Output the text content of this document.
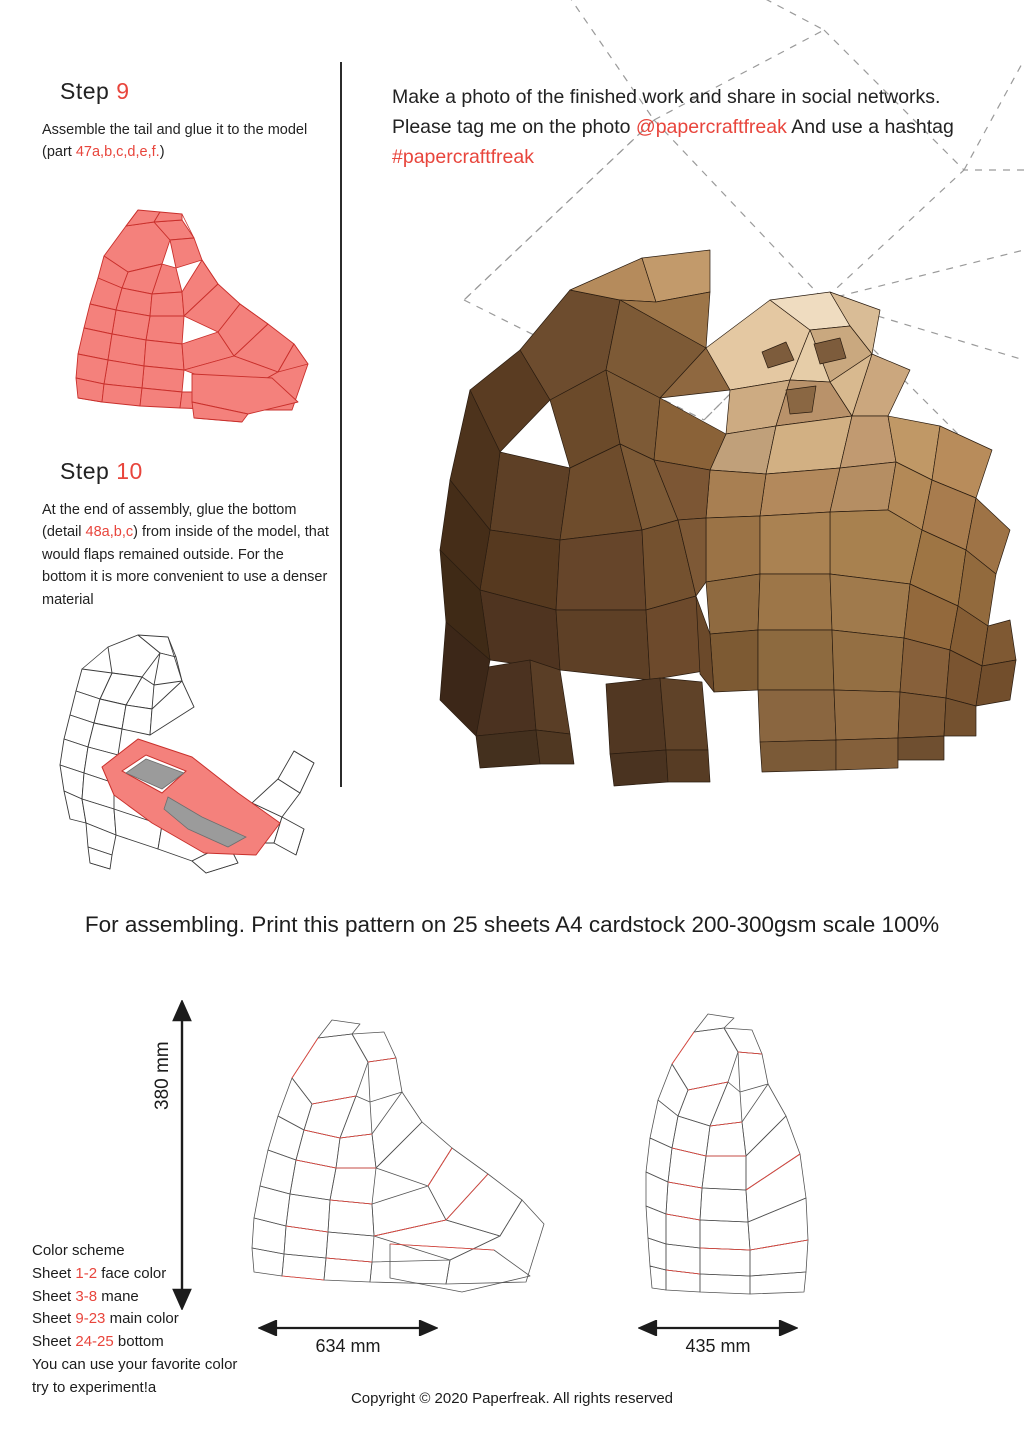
Step 9

Assemble the tail and glue it to the model (part 47a,b,c,d,e,f.)

Step 10

At the end of assembly, glue the bottom (detail 48a,b,c) from inside of the model, that would flaps remained outside. For the bottom it is more convenient to use a denser material

Make a photo of the finished work and share in social networks.
Please tag me on the photo @papercraftfreak And use a hashtag
#papercraftfreak
For assembling. Print this pattern on 25 sheets A4 cardstock 200-300gsm scale 100%
380 mm
634 mm	435 mm
Color scheme
Sheet 1-2 face color
Sheet 3-8 mane
Sheet 9-23 main color
Sheet 24-25 bottom
You can use your favorite color
try to experiment!a
Copyright © 2020 Paperfreak. All rights reserved
